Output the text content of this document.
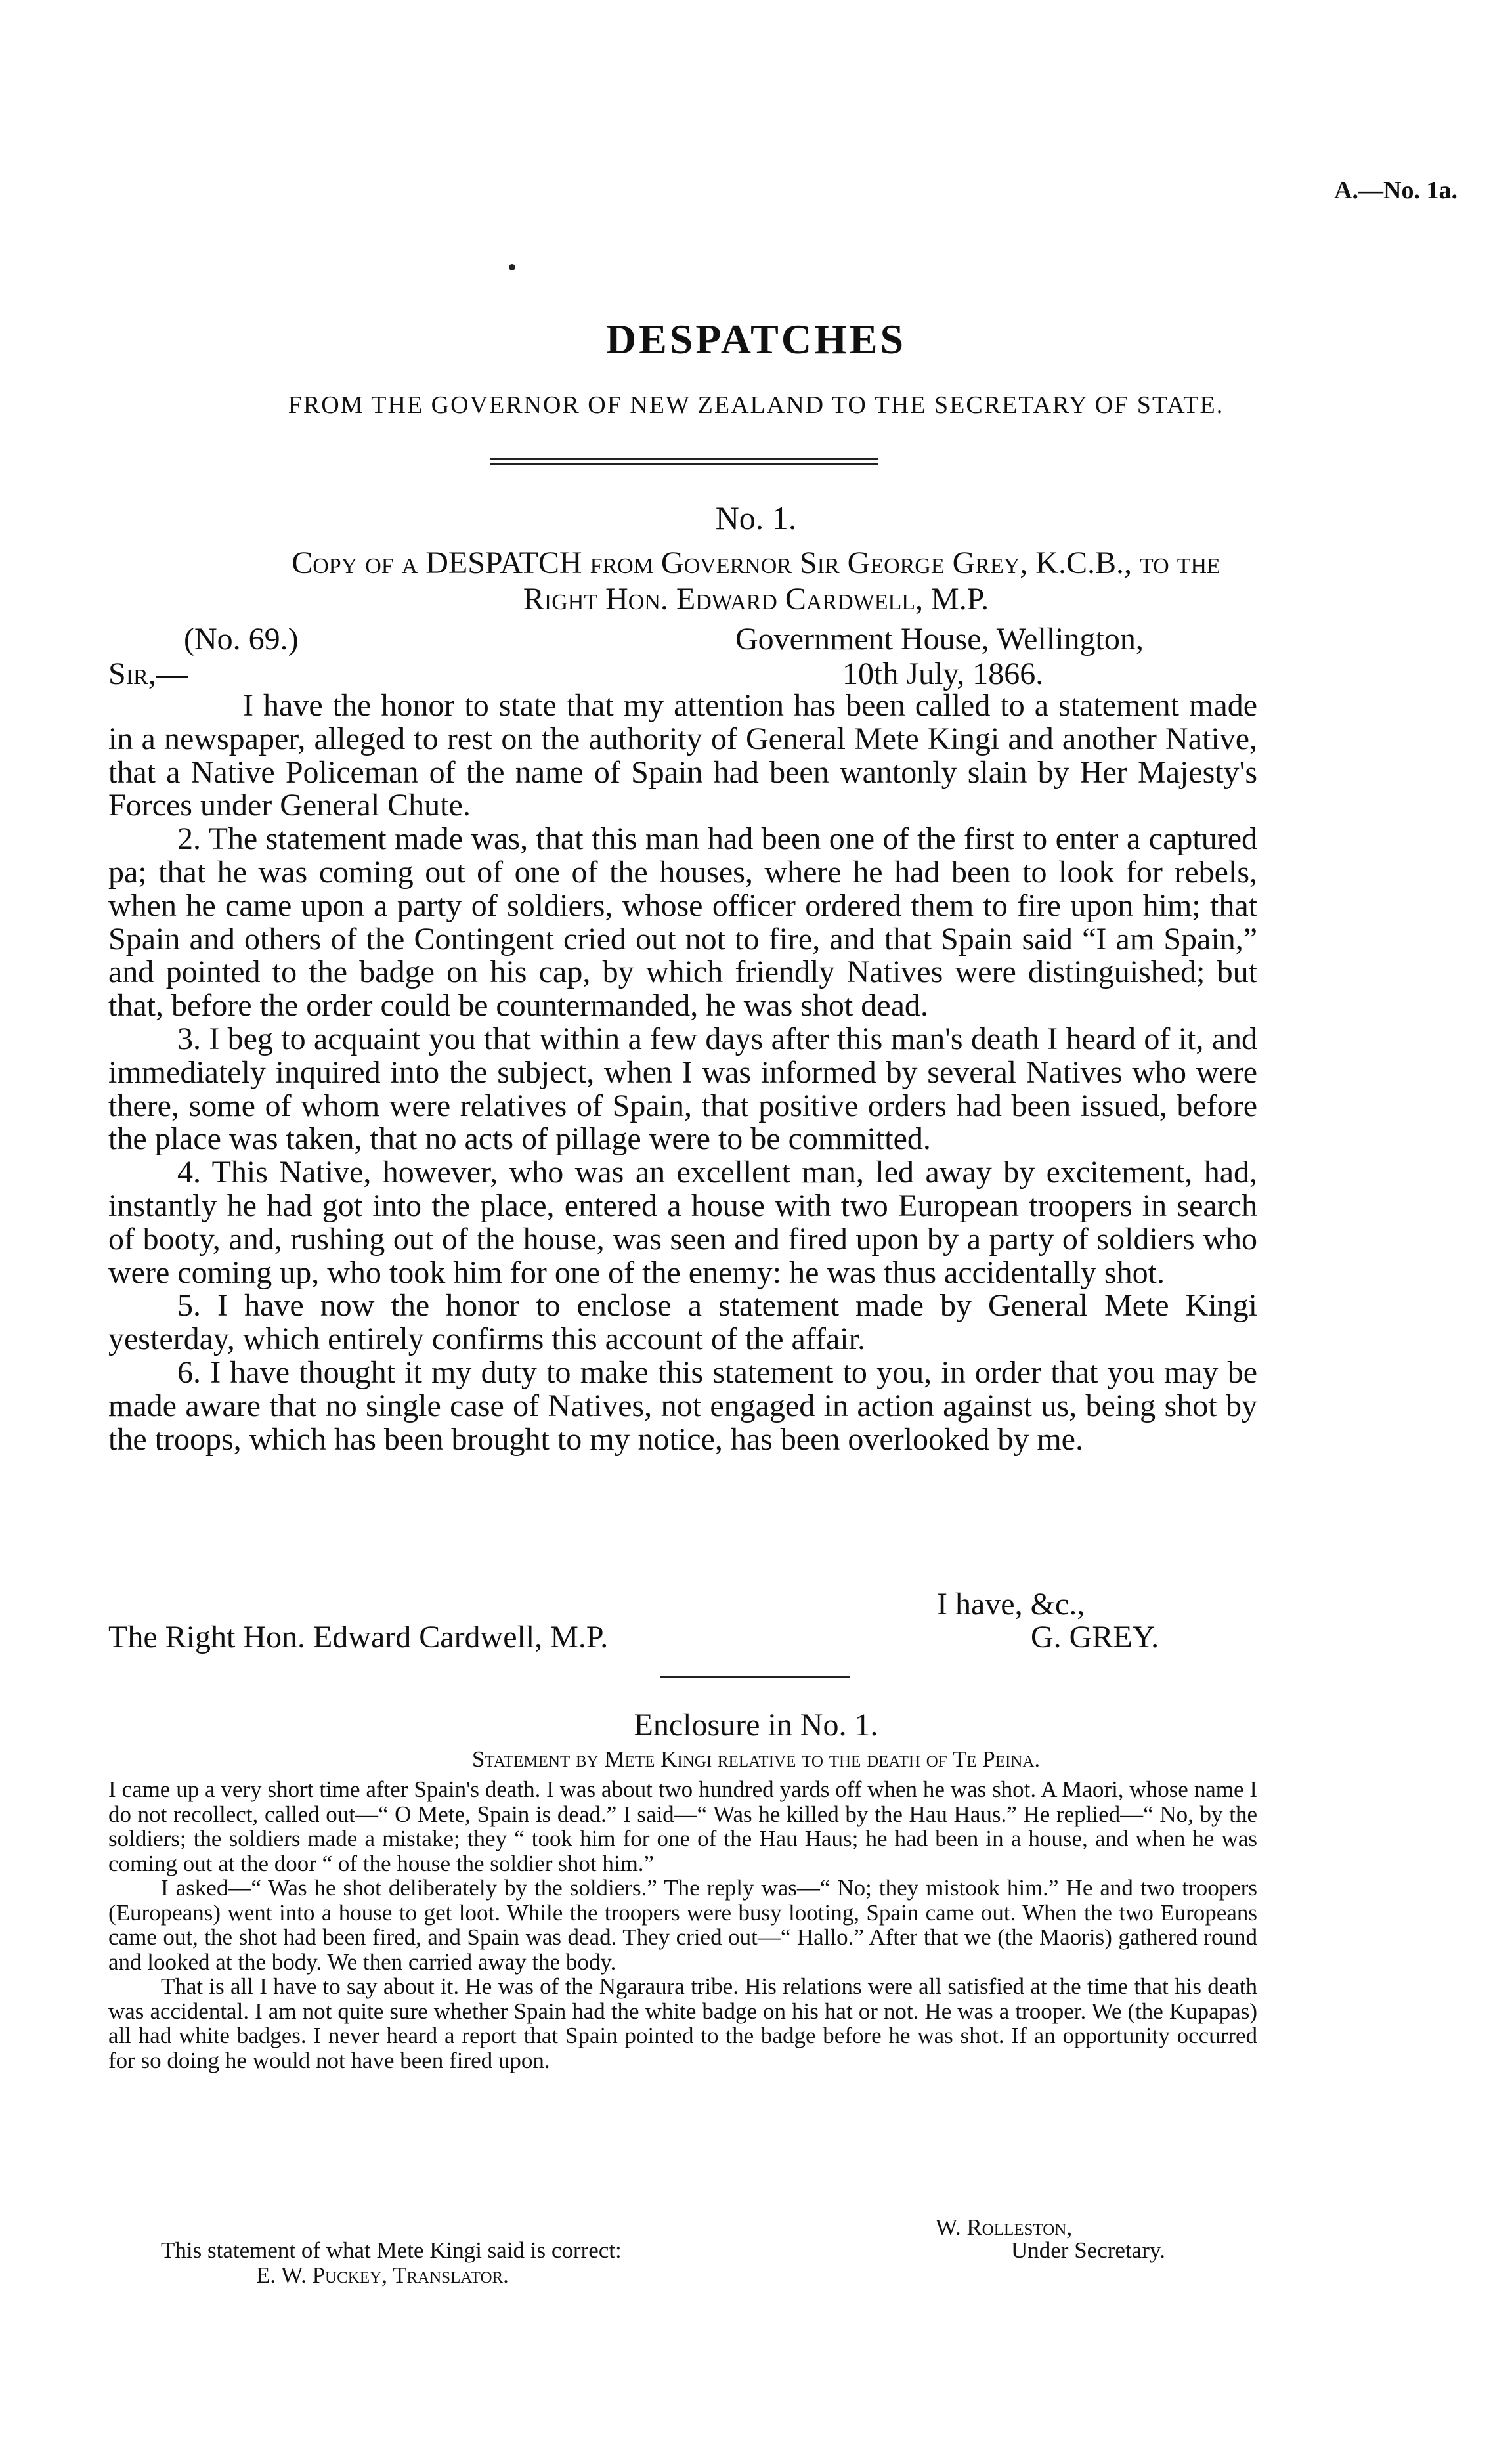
A.—No. 1a.
DESPATCHES
FROM THE GOVERNOR OF NEW ZEALAND TO THE SECRETARY OF STATE.
No. 1.
Copy of a DESPATCH from Governor Sir George Grey, K.C.B., to the
Right Hon. Edward Cardwell, M.P.
(No. 69.)	Government House, Wellington,
Sir,—	10th July, 1866.

I have the honor to state that my attention has been called to a statement made in a newspaper, alleged to rest on the authority of General Mete Kingi and another Native, that a Native Policeman of the name of Spain had been wantonly slain by Her Majesty's Forces under General Chute.

2. The statement made was, that this man had been one of the first to enter a captured pa; that he was coming out of one of the houses, where he had been to look for rebels, when he came upon a party of soldiers, whose officer ordered them to fire upon him; that Spain and others of the Contingent cried out not to fire, and that Spain said “I am Spain,” and pointed to the badge on his cap, by which friendly Natives were distinguished; but that, before the order could be countermanded, he was shot dead.

3. I beg to acquaint you that within a few days after this man's death I heard of it, and immediately inquired into the subject, when I was informed by several Natives who were there, some of whom were relatives of Spain, that positive orders had been issued, before the place was taken, that no acts of pillage were to be committed.

4. This Native, however, who was an excellent man, led away by excitement, had, instantly he had got into the place, entered a house with two European troopers in search of booty, and, rushing out of the house, was seen and fired upon by a party of soldiers who were coming up, who took him for one of the enemy: he was thus accidentally shot.

5. I have now the honor to enclose a statement made by General Mete Kingi yesterday, which entirely confirms this account of the affair.

6. I have thought it my duty to make this statement to you, in order that you may be made aware that no single case of Natives, not engaged in action against us, being shot by the troops, which has been brought to my notice, has been overlooked by me.

I have, &c.,
The Right Hon. Edward Cardwell, M.P.	G. GREY.
Enclosure in No. 1.
Statement by Mete Kingi relative to the death of Te Peina.

I came up a very short time after Spain's death. I was about two hundred yards off when he was shot. A Maori, whose name I do not recollect, called out—“ O Mete, Spain is dead.” I said—“ Was he killed by the Hau Haus.” He replied—“ No, by the soldiers; the soldiers made a mistake; they “ took him for one of the Hau Haus; he had been in a house, and when he was coming out at the door “ of the house the soldier shot him.”

I asked—“ Was he shot deliberately by the soldiers.” The reply was—“ No; they mistook him.” He and two troopers (Europeans) went into a house to get loot. While the troopers were busy looting, Spain came out. When the two Europeans came out, the shot had been fired, and Spain was dead. They cried out—“ Hallo.” After that we (the Maoris) gathered round and looked at the body. We then carried away the body.

That is all I have to say about it. He was of the Ngaraura tribe. His relations were all satisfied at the time that his death was accidental. I am not quite sure whether Spain had the white badge on his hat or not. He was a trooper. We (the Kupapas) all had white badges. I never heard a report that Spain pointed to the badge before he was shot. If an opportunity occurred for so doing he would not have been fired upon.

W. Rolleston,
This statement of what Mete Kingi said is correct:	Under Secretary.
E. W. Puckey, Translator.
